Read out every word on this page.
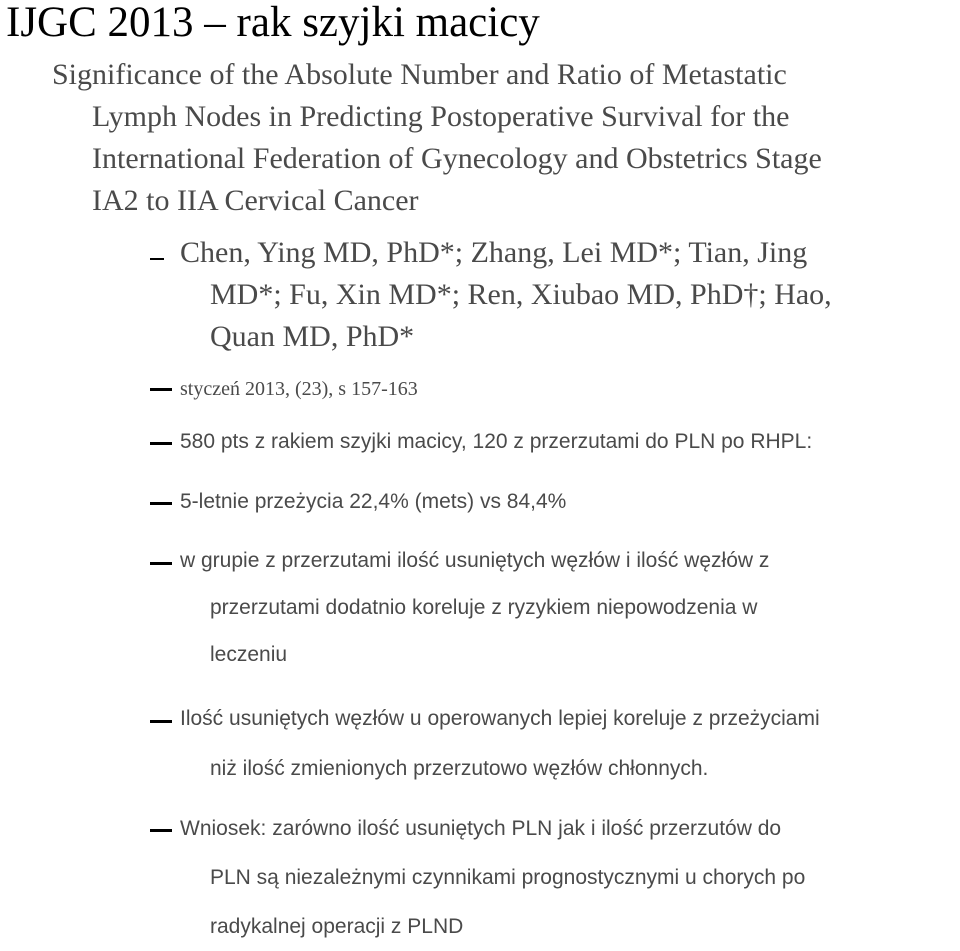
IJGC 2013 – rak szyjki macicy
Significance of the Absolute Number and Ratio of Metastatic
Lymph Nodes in Predicting Postoperative Survival for the
International Federation of Gynecology and Obstetrics Stage
IA2 to IIA Cervical Cancer
Chen, Ying MD, PhD*; Zhang, Lei MD*; Tian, Jing
MD*; Fu, Xin MD*; Ren, Xiubao MD, PhD†; Hao,
Quan MD, PhD*
styczeń 2013, (23), s 157-163
580 pts z rakiem szyjki macicy, 120 z przerzutami do PLN po RHPL:
5-letnie przeżycia 22,4% (mets) vs 84,4%
w grupie z przerzutami ilość usuniętych węzłów i ilość węzłów z
przerzutami dodatnio koreluje z ryzykiem niepowodzenia w
leczeniu
Ilość usuniętych węzłów u operowanych lepiej koreluje z przeżyciami
niż ilość zmienionych przerzutowo węzłów chłonnych.
Wniosek: zarówno ilość usuniętych PLN jak i ilość przerzutów do
PLN są niezależnymi czynnikami prognostycznymi u chorych po
radykalnej operacji z PLND
